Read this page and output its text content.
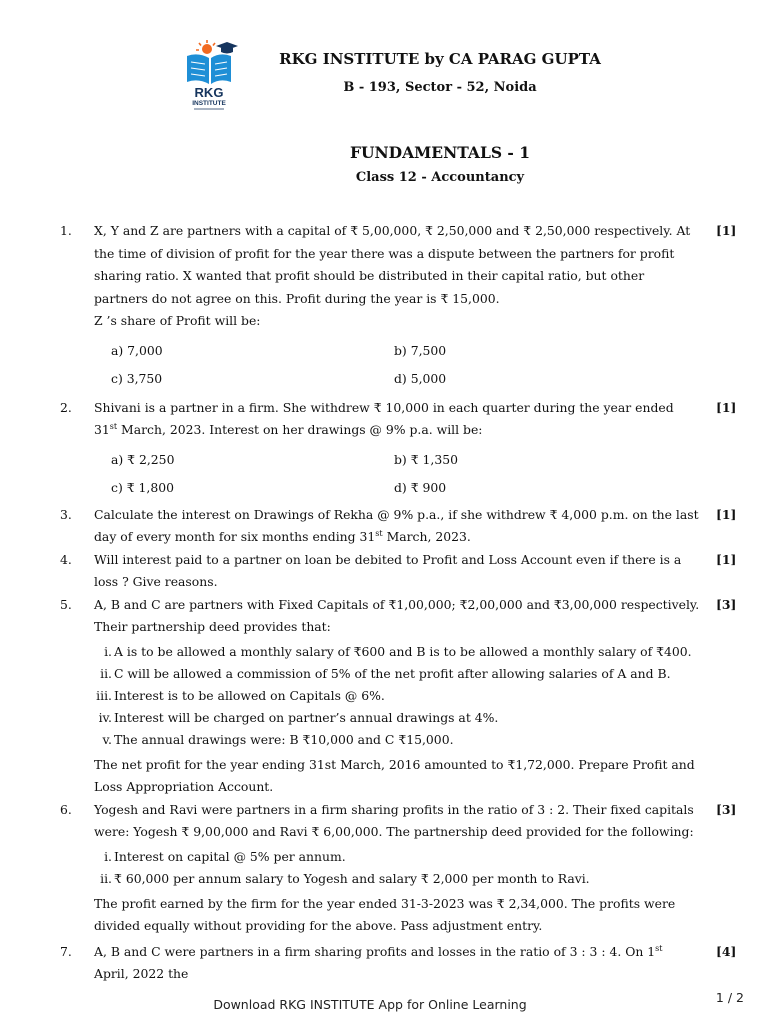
RKG
INSTITUTE
RKG INSTITUTE by CA PARAG GUPTA
B - 193, Sector - 52, Noida
FUNDAMENTALS - 1
Class 12 - Accountancy
1.	[1]
X, Y and Z are partners with a capital of ₹ 5,00,000, ₹ 2,50,000 and ₹ 2,50,000 respectively. At the time of division of profit for the year there was a dispute between the partners for profit sharing ratio. X wanted that profit should be distributed in their capital ratio, but other partners do not agree on this. Profit during the year is ₹ 15,000.
Z ’s share of Profit will be:
a) 7,000	b) 7,500
c) 3,750	d) 5,000
2.	[1]
Shivani is a partner in a firm. She withdrew ₹ 10,000 in each quarter during the year ended 31st March, 2023. Interest on her drawings @ 9% p.a. will be:
a) ₹ 2,250	b) ₹ 1,350
c) ₹ 1,800	d) ₹ 900
3.	[1]
Calculate the interest on Drawings of Rekha @ 9% p.a., if she withdrew ₹ 4,000 p.m. on the last day of every month for six months ending 31st March, 2023.
4.	[1]
Will interest paid to a partner on loan be debited to Profit and Loss Account even if there is a loss ? Give reasons.
5.	[3]
A, B and C are partners with Fixed Capitals of ₹1,00,000; ₹2,00,000 and ₹3,00,000 respectively. Their partnership deed provides that:
i. A is to be allowed a monthly salary of ₹600 and B is to be allowed a monthly salary of ₹400.
ii. C will be allowed a commission of 5% of the net profit after allowing salaries of A and B.
iii. Interest is to be allowed on Capitals @ 6%.
iv. Interest will be charged on partner’s annual drawings at 4%.
v. The annual drawings were: B ₹10,000 and C ₹15,000.
The net profit for the year ending 31st March, 2016 amounted to ₹1,72,000. Prepare Profit and Loss Appropriation Account.
6.	[3]
Yogesh and Ravi were partners in a firm sharing profits in the ratio of 3 : 2. Their fixed capitals were: Yogesh ₹ 9,00,000 and Ravi ₹ 6,00,000. The partnership deed provided for the following:
i. Interest on capital @ 5% per annum.
ii. ₹ 60,000 per annum salary to Yogesh and salary ₹ 2,000 per month to Ravi.
The profit earned by the firm for the year ended 31-3-2023 was ₹ 2,34,000. The profits were divided equally without providing for the above. Pass adjustment entry.
7.	[4]
A, B and C were partners in a firm sharing profits and losses in the ratio of 3 : 3 : 4. On 1st April, 2022 the
Download RKG INSTITUTE App for Online Learning	1 / 2
